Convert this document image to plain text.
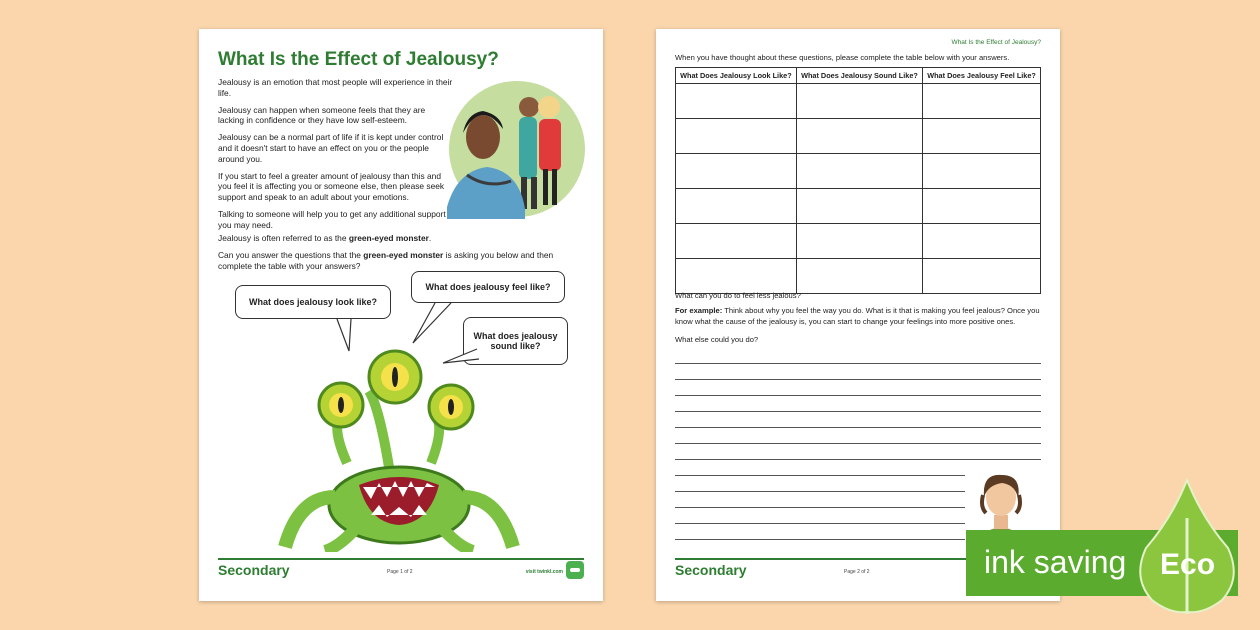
What Is the Effect of Jealousy?

Jealousy is an emotion that most people will experience in their life.

Jealousy can happen when someone feels that they are lacking in confidence or they have low self-esteem.

Jealousy can be a normal part of life if it is kept under control and it doesn't start to have an effect on you or the people around you.

If you start to feel a greater amount of jealousy than this and you feel it is affecting you or someone else, then please seek support and speak to an adult about your emotions.

Talking to someone will help you to get any additional support you may need.

Jealousy is often referred to as the green-eyed monster.

Can you answer the questions that the green-eyed monster is asking you below and then complete the table with your answers?

What does jealousy look like?
What does jealousy feel like?
What does jealousy sound like?
Secondary	Page 1 of 2	visit twinkl.com
What Is the Effect of Jealousy?

When you have thought about these questions, please complete the table below with your answers.

What Does Jealousy Look Like?	What Does Jealousy Sound Like?	What Does Jealousy Feel Like?

What can you do to feel less jealous?

For example: Think about why you feel the way you do. What is it that is making you feel jealous? Once you know what the cause of the jealousy is, you can start to change your feelings into more positive ones.

What else could you do?

Secondary	Page 2 of 2	ink saving Eco
